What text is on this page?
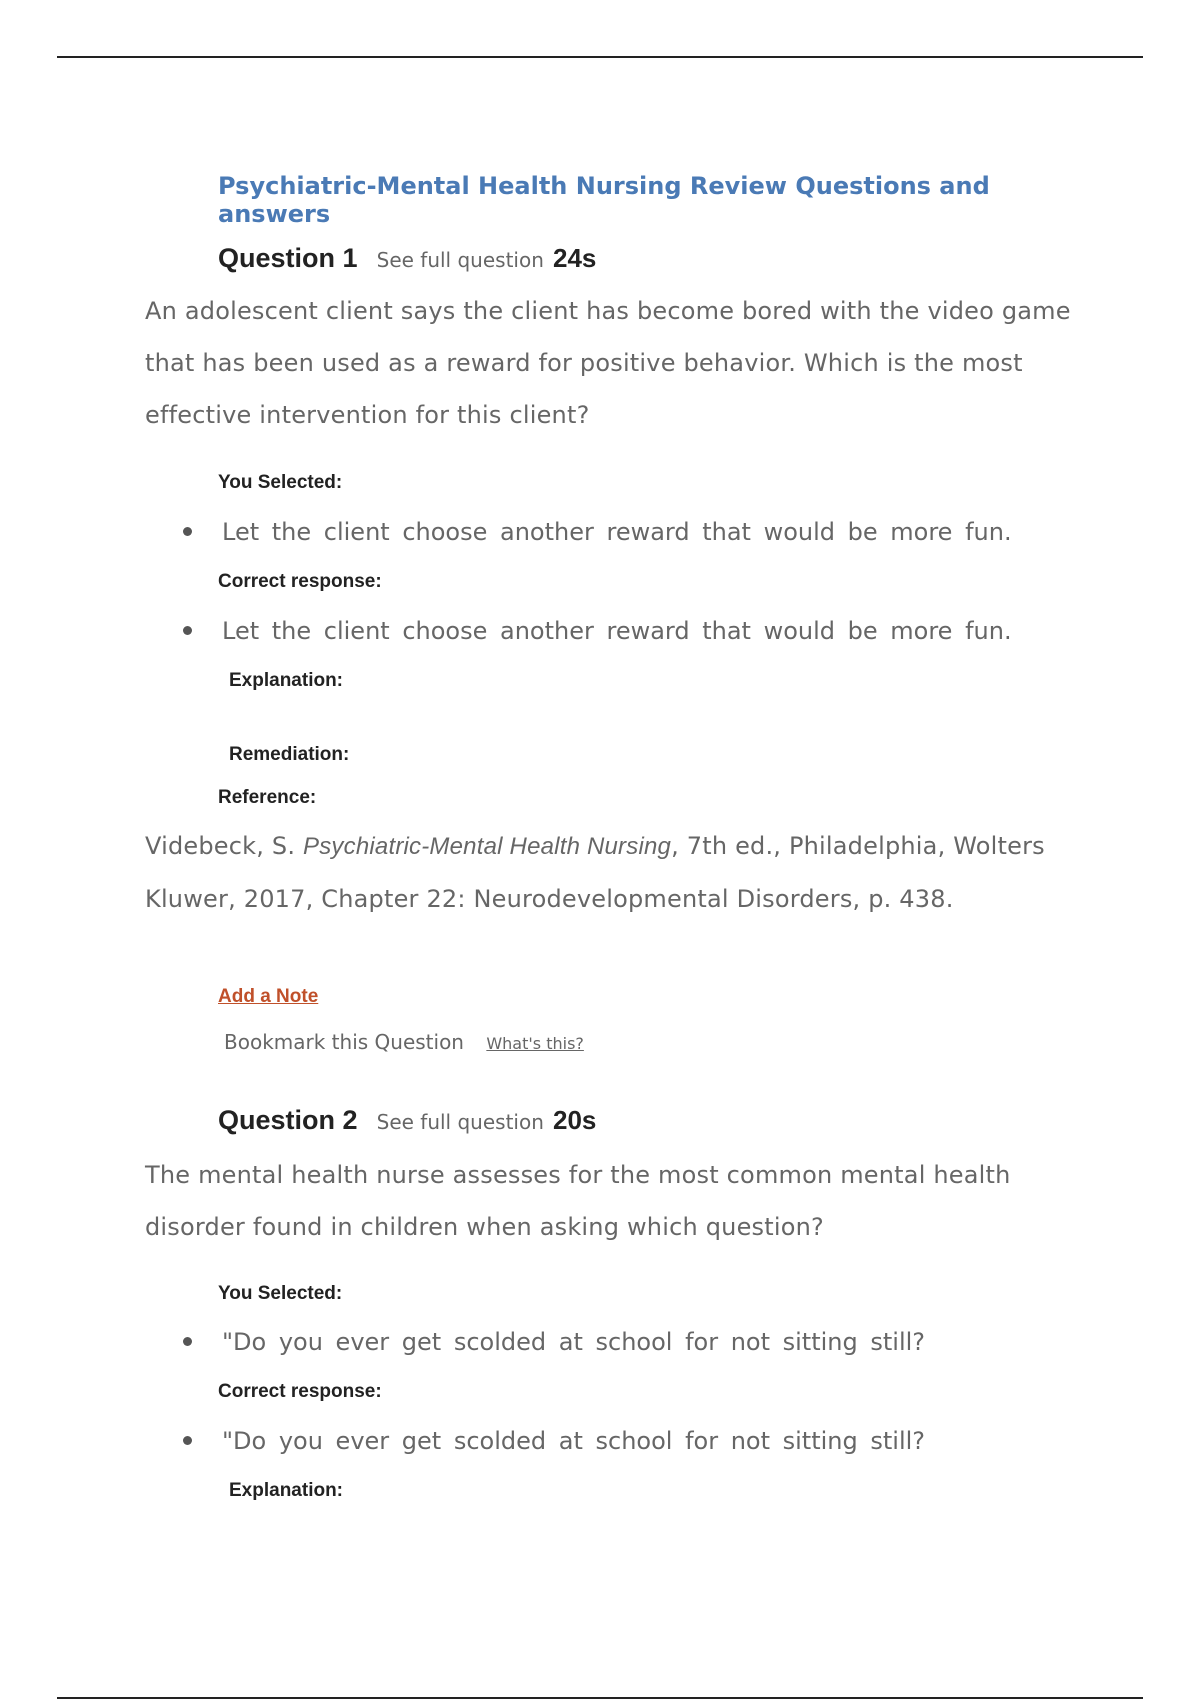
Psychiatric-Mental Health Nursing Review Questions and answers
Question 1 See full question 24s
An adolescent client says the client has become bored with the video game that has been used as a reward for positive behavior. Which is the most effective intervention for this client?
You Selected:
Let the client choose another reward that would be more fun.
Correct response:
Let the client choose another reward that would be more fun.
Explanation:
Remediation:
Reference:
Videbeck, S. Psychiatric-Mental Health Nursing, 7th ed., Philadelphia, Wolters Kluwer, 2017, Chapter 22: Neurodevelopmental Disorders, p. 438.
Add a Note
Bookmark this Question What's this?
Question 2 See full question 20s
The mental health nurse assesses for the most common mental health disorder found in children when asking which question?
You Selected:
"Do you ever get scolded at school for not sitting still?
Correct response:
"Do you ever get scolded at school for not sitting still?
Explanation:
